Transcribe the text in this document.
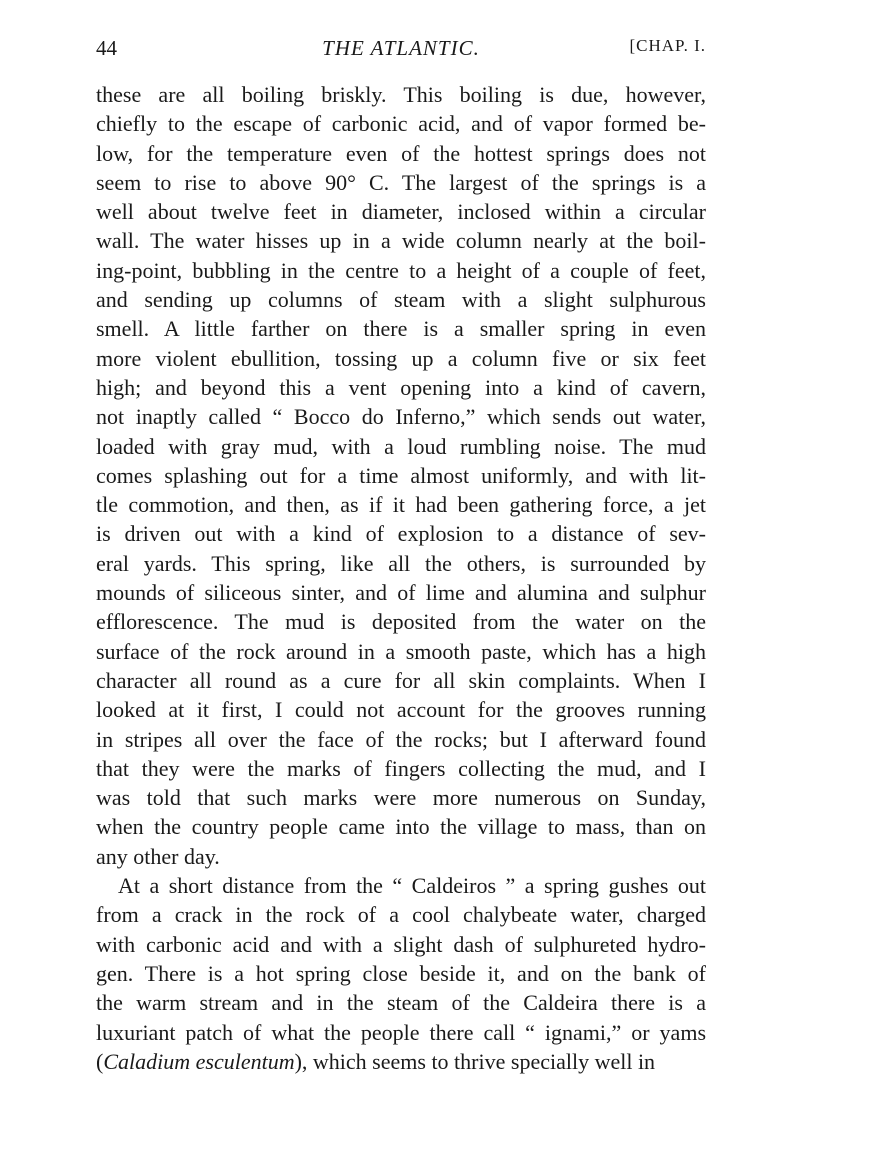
44	THE ATLANTIC.	[CHAP. I.
these are all boiling briskly. This boiling is due, however,
chiefly to the escape of carbonic acid, and of vapor formed be-
low, for the temperature even of the hottest springs does not
seem to rise to above 90° C. The largest of the springs is a
well about twelve feet in diameter, inclosed within a circular
wall. The water hisses up in a wide column nearly at the boil-
ing-point, bubbling in the centre to a height of a couple of feet,
and sending up columns of steam with a slight sulphurous
smell. A little farther on there is a smaller spring in even
more violent ebullition, tossing up a column five or six feet
high; and beyond this a vent opening into a kind of cavern,
not inaptly called “ Bocco do Inferno,” which sends out water,
loaded with gray mud, with a loud rumbling noise. The mud
comes splashing out for a time almost uniformly, and with lit-
tle commotion, and then, as if it had been gathering force, a jet
is driven out with a kind of explosion to a distance of sev-
eral yards. This spring, like all the others, is surrounded by
mounds of siliceous sinter, and of lime and alumina and sulphur
efflorescence. The mud is deposited from the water on the
surface of the rock around in a smooth paste, which has a high
character all round as a cure for all skin complaints. When I
looked at it first, I could not account for the grooves running
in stripes all over the face of the rocks; but I afterward found
that they were the marks of fingers collecting the mud, and I
was told that such marks were more numerous on Sunday,
when the country people came into the village to mass, than on
any other day.
At a short distance from the “ Caldeiros ” a spring gushes out
from a crack in the rock of a cool chalybeate water, charged
with carbonic acid and with a slight dash of sulphureted hydro-
gen. There is a hot spring close beside it, and on the bank of
the warm stream and in the steam of the Caldeira there is a
luxuriant patch of what the people there call “ ignami,” or yams
( Caladium esculentum ), which seems to thrive specially well in
